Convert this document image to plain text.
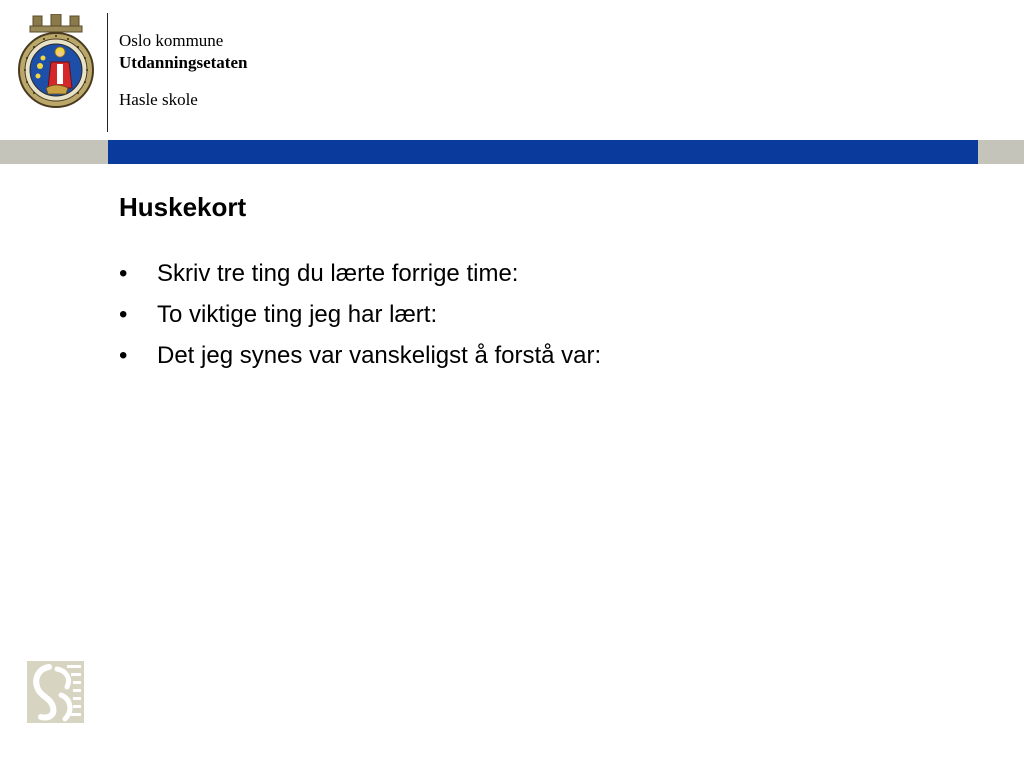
Oslo kommune
Utdanningsetaten
Hasle skole
Huskekort
• Skriv tre ting du lærte forrige time:
• To viktige ting jeg har lært:
• Det jeg synes var vanskeligst å forstå var:
